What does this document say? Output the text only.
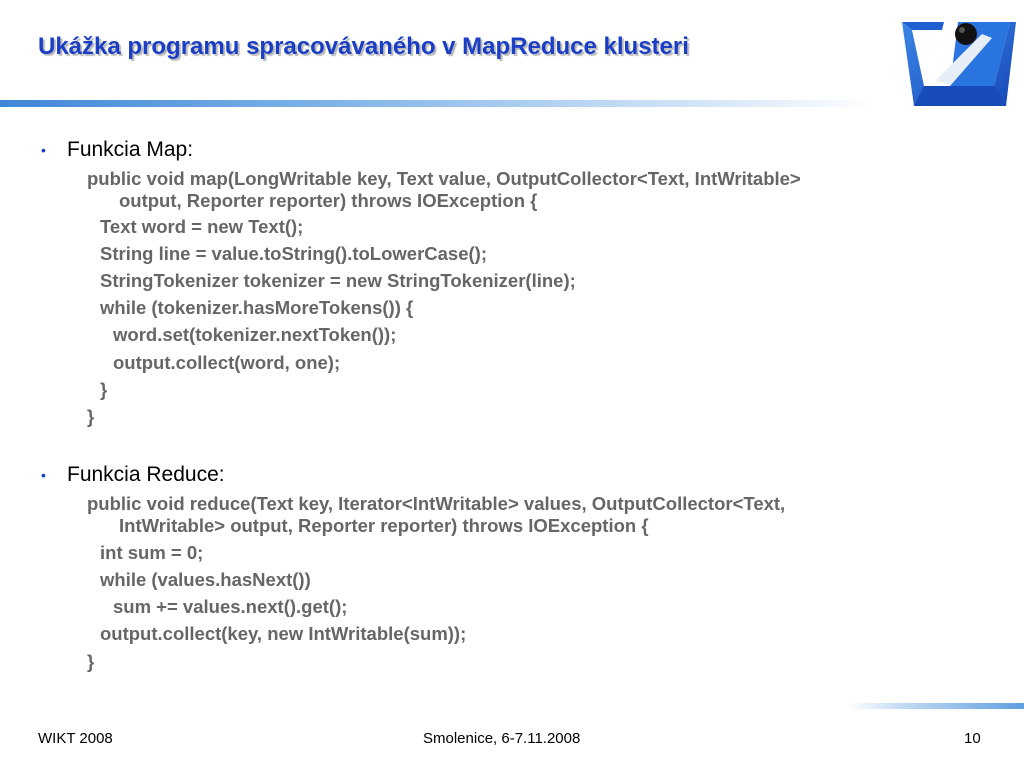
Ukážka programu spracovávaného v MapReduce klusteri
• Funkcia Map:
public void map(LongWritable key, Text value, OutputCollector<Text, IntWritable>
output, Reporter reporter) throws IOException {
Text word = new Text();
String line = value.toString().toLowerCase();
StringTokenizer tokenizer = new StringTokenizer(line);
while (tokenizer.hasMoreTokens()) {
word.set(tokenizer.nextToken());
output.collect(word, one);
}
}
• Funkcia Reduce:
public void reduce(Text key, Iterator<IntWritable> values, OutputCollector<Text,
IntWritable> output, Reporter reporter) throws IOException {
int sum = 0;
while (values.hasNext())
sum += values.next().get();
output.collect(key, new IntWritable(sum));
}
WIKT 2008	Smolenice, 6-7.11.2008	10
